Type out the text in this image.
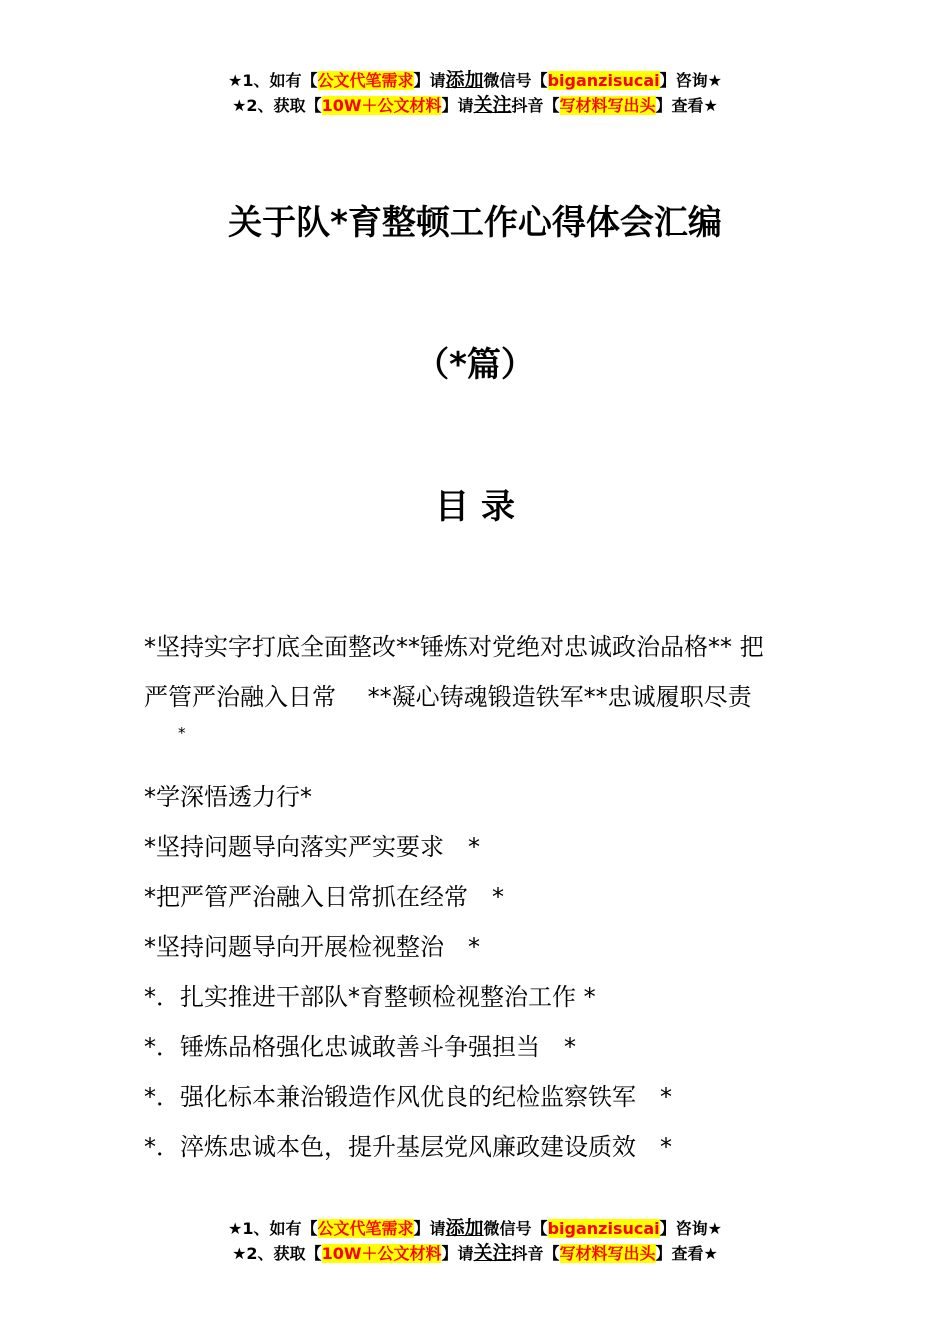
★1、如有【公文代笔需求】请添加微信号【biganzisucai】咨询★
★2、获取【10W＋公文材料】请关注抖音【写材料写出头】查看★
关于队*育整顿工作心得体会汇编
（*篇）
目录
*坚持实字打底全面整改**锤炼对党绝对忠诚政治品格** 把
严管严治融入日常　 **凝心铸魂锻造铁军**忠诚履职尽责
*
*学深悟透力行*
*坚持问题导向落实严实要求　*
*把严管严治融入日常抓在经常　*
*坚持问题导向开展检视整治　*
*．扎实推进干部队*育整顿检视整治工作 *
*．锤炼品格强化忠诚敢善斗争强担当　*
*．强化标本兼治锻造作风优良的纪检监察铁军　*
*．淬炼忠诚本色，提升基层党风廉政建设质效　*
★1、如有【公文代笔需求】请添加微信号【biganzisucai】咨询★
★2、获取【10W＋公文材料】请关注抖音【写材料写出头】查看★
